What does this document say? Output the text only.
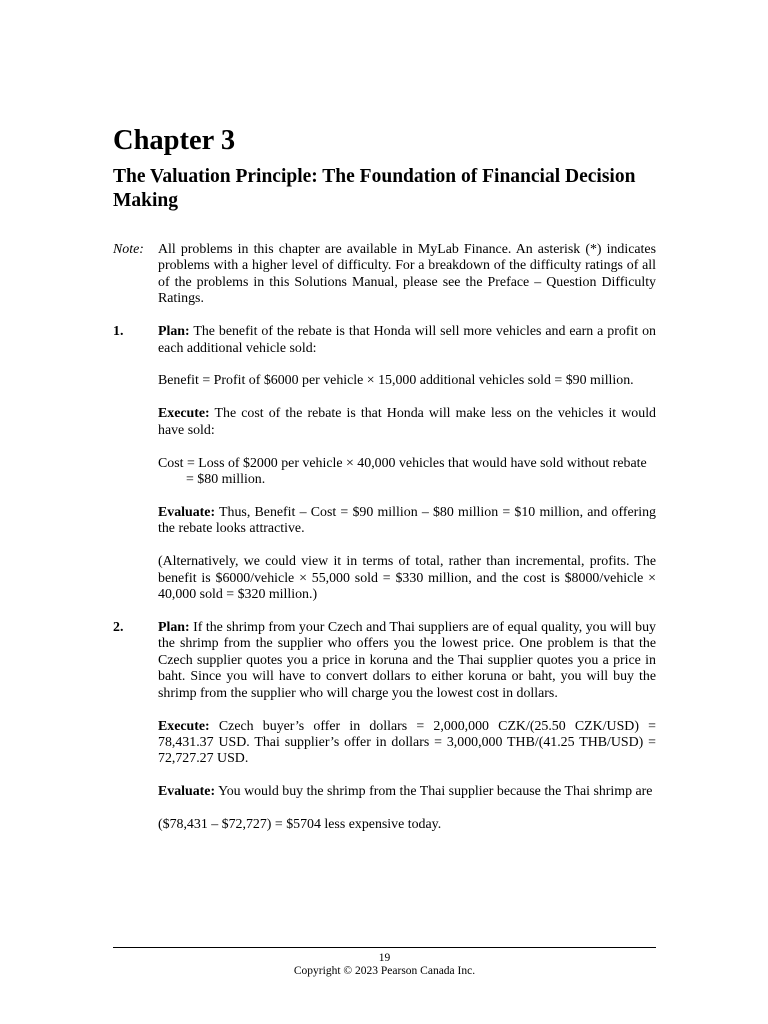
Chapter 3
The Valuation Principle: The Foundation of Financial Decision Making
Note:	All problems in this chapter are available in MyLab Finance. An asterisk (*) indicates problems with a higher level of difficulty. For a breakdown of the difficulty ratings of all of the problems in this Solutions Manual, please see the Preface – Question Difficulty Ratings.

1.	Plan: The benefit of the rebate is that Honda will sell more vehicles and earn a profit on each additional vehicle sold:

Benefit = Profit of $6000 per vehicle × 15,000 additional vehicles sold = $90 million.

Execute: The cost of the rebate is that Honda will make less on the vehicles it would have sold:

Cost = Loss of $2000 per vehicle × 40,000 vehicles that would have sold without rebate
= $80 million.

Evaluate: Thus, Benefit – Cost = $90 million – $80 million = $10 million, and offering the rebate looks attractive.

(Alternatively, we could view it in terms of total, rather than incremental, profits. The benefit is $6000/vehicle × 55,000 sold = $330 million, and the cost is $8000/vehicle × 40,000 sold = $320 million.)

2.	Plan: If the shrimp from your Czech and Thai suppliers are of equal quality, you will buy the shrimp from the supplier who offers you the lowest price. One problem is that the Czech supplier quotes you a price in koruna and the Thai supplier quotes you a price in baht. Since you will have to convert dollars to either koruna or baht, you will buy the shrimp from the supplier who will charge you the lowest cost in dollars.

Execute: Czech buyer’s offer in dollars = 2,000,000 CZK/(25.50 CZK/USD) = 78,431.37 USD. Thai supplier’s offer in dollars = 3,000,000 THB/(41.25 THB/USD) = 72,727.27 USD.

Evaluate: You would buy the shrimp from the Thai supplier because the Thai shrimp are

($78,431 – $72,727) = $5704 less expensive today.

19
Copyright © 2023 Pearson Canada Inc.
